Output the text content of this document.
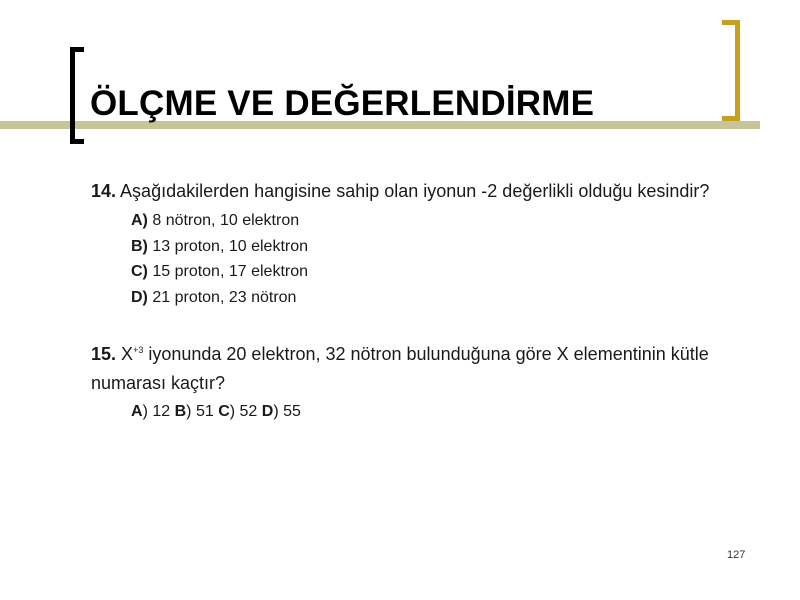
ÖLÇME VE DEĞERLENDİRME

14. Aşağıdakilerden hangisine sahip olan iyonun -2 değerlikli olduğu kesindir?

A) 8 nötron, 10 elektron
B) 13 proton, 10 elektron
C) 15 proton, 17 elektron
D) 21 proton, 23 nötron

15. $X^{+3}$ iyonunda 20 elektron, 32 nötron bulunduğuna göre X elementinin kütle numarası kaçtır?

A) 12 B) 51 C) 52 D) 55
127
